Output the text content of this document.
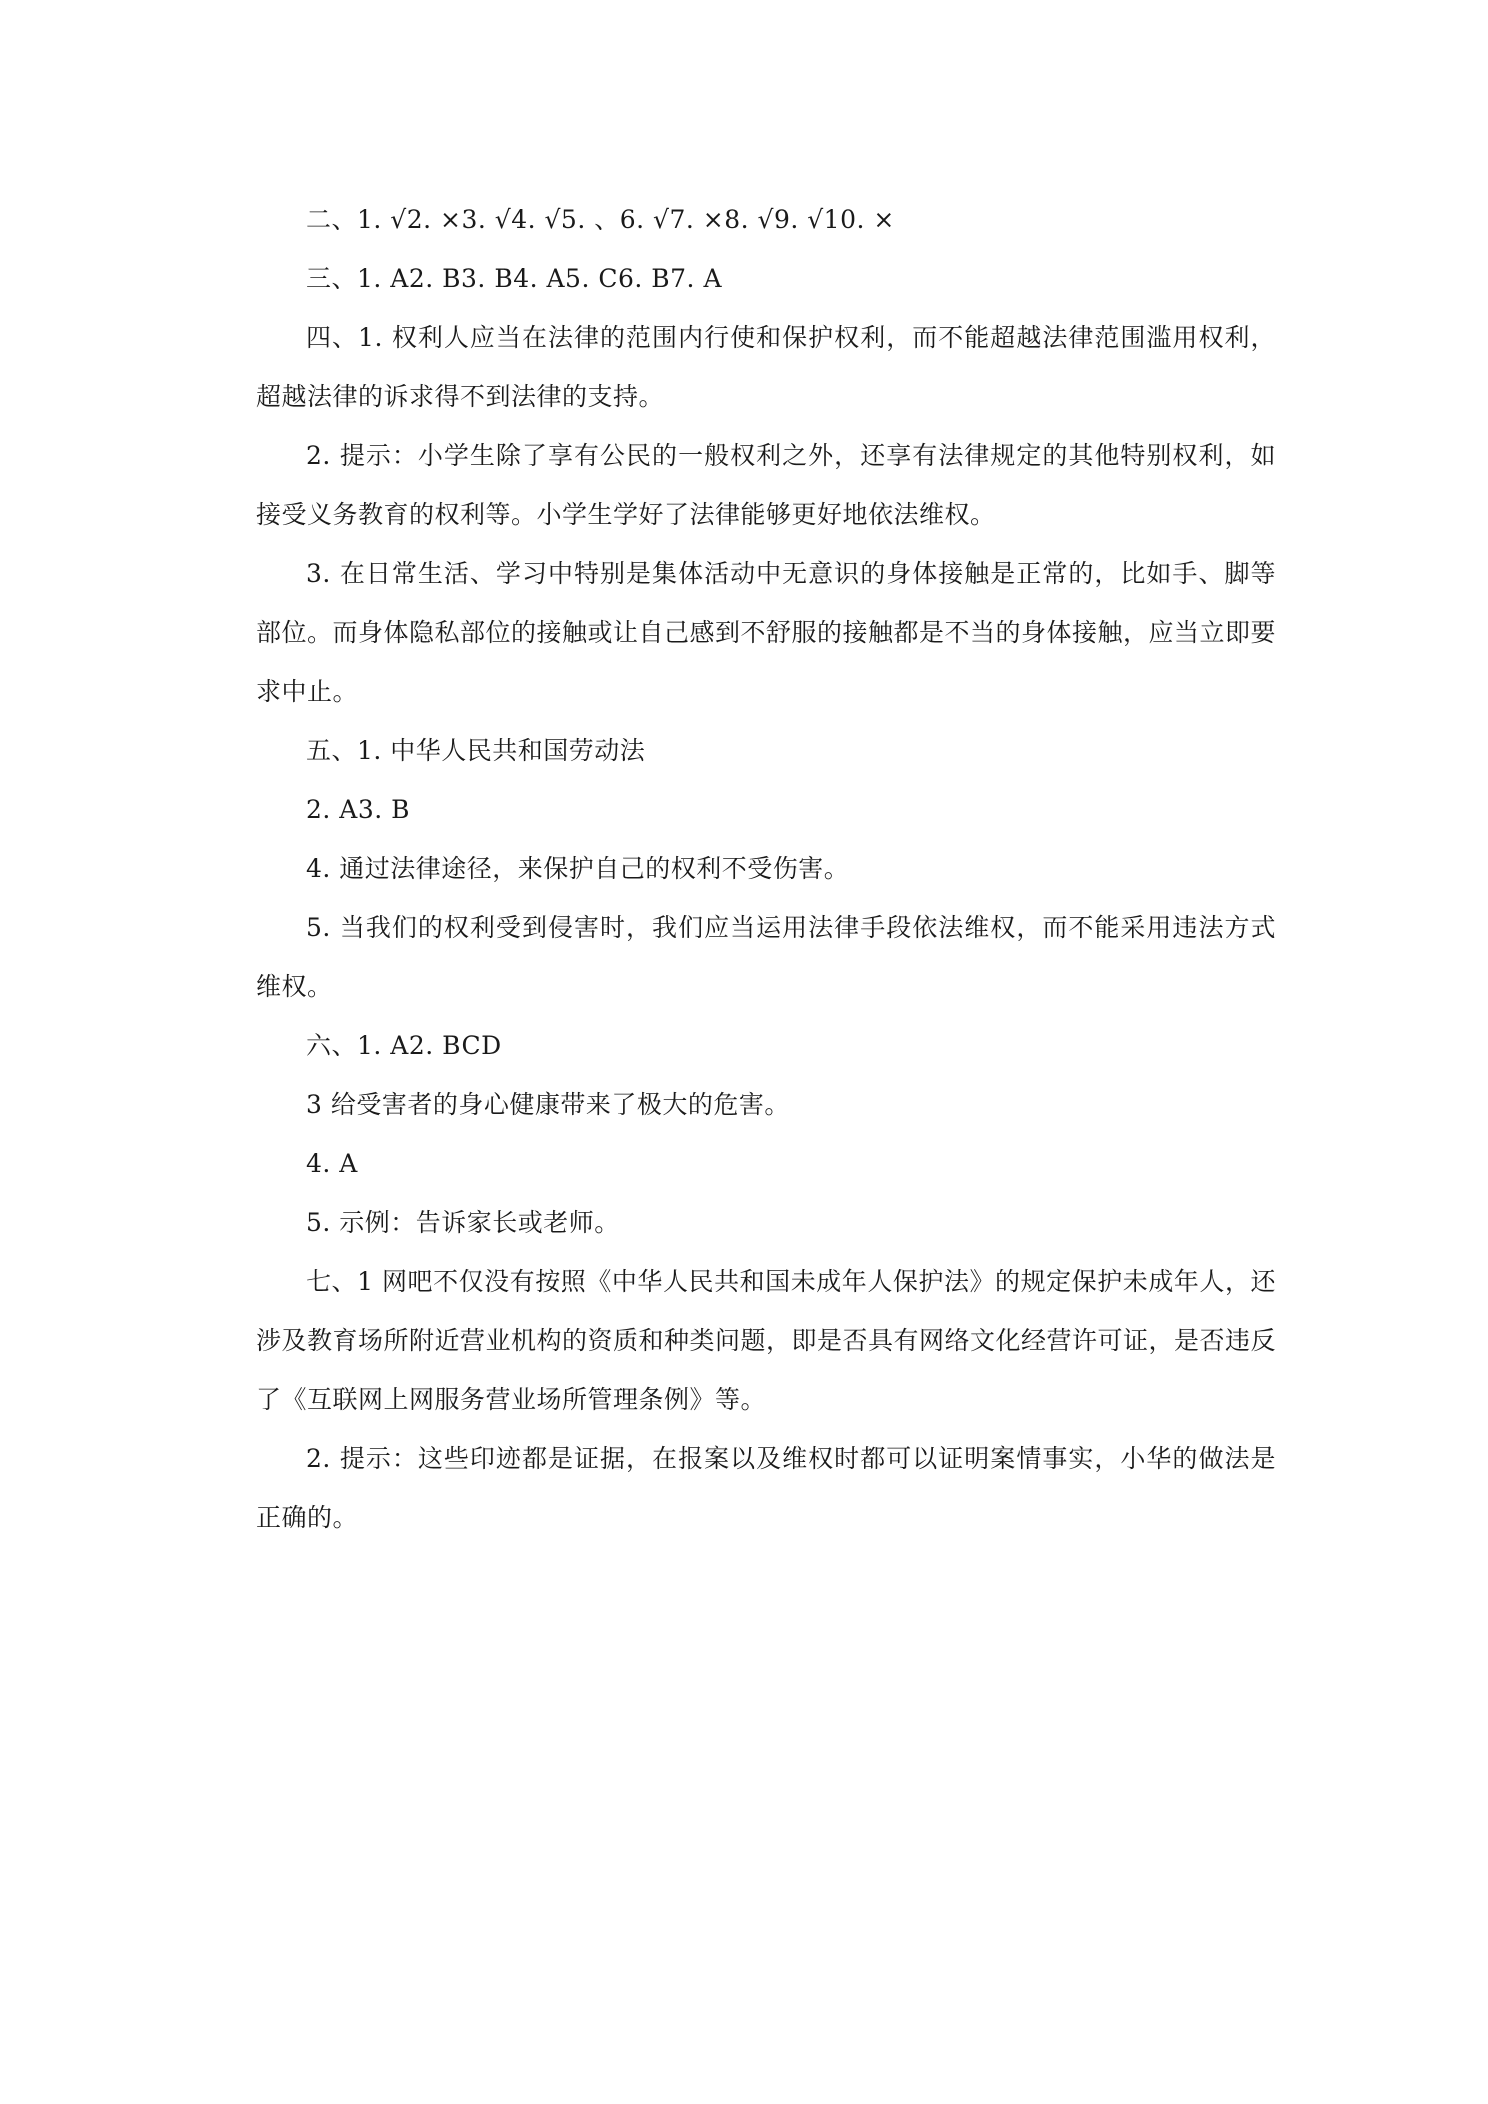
二、1. √2. ×3. √4. √5. 、6. √7. ×8. √9. √10. ×

三、1. A2. B3. B4. A5. C6. B7. A

四、1. 权利人应当在法律的范围内行使和保护权利，而不能超越法律范围滥用权利，超越法律的诉求得不到法律的支持。

2. 提示：小学生除了享有公民的一般权利之外，还享有法律规定的其他特别权利，如接受义务教育的权利等。小学生学好了法律能够更好地依法维权。

3. 在日常生活、学习中特别是集体活动中无意识的身体接触是正常的，比如手、脚等部位。而身体隐私部位的接触或让自己感到不舒服的接触都是不当的身体接触，应当立即要求中止。

五、1. 中华人民共和国劳动法

2. A3. B

4. 通过法律途径，来保护自己的权利不受伤害。

5. 当我们的权利受到侵害时，我们应当运用法律手段依法维权，而不能采用违法方式维权。

六、1. A2. BCD

3 给受害者的身心健康带来了极大的危害。

4. A

5. 示例：告诉家长或老师。

七、1 网吧不仅没有按照《中华人民共和国未成年人保护法》的规定保护未成年人，还涉及教育场所附近营业机构的资质和种类问题，即是否具有网络文化经营许可证，是否违反了《互联网上网服务营业场所管理条例》等。

2. 提示：这些印迹都是证据，在报案以及维权时都可以证明案情事实，小华的做法是正确的。
